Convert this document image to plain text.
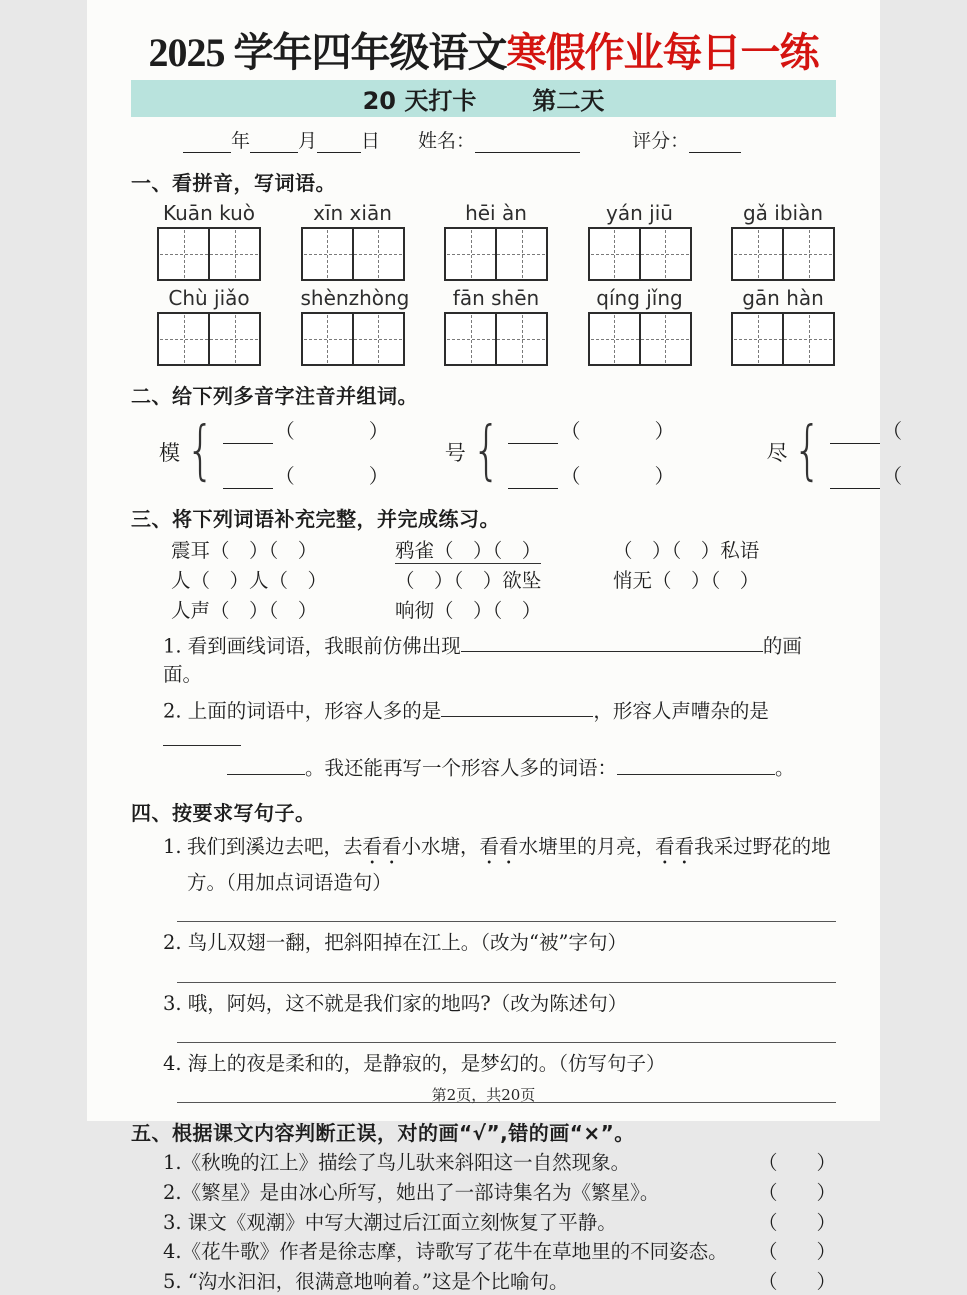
2025 学年四年级语文寒假作业每日一练
20 天打卡 第二天
年	月 日 姓名：	评分：
一、看拼音，写词语。
Kuān kuò	xīn xiān	hēi àn	yán jiū	gǎ ibiàn
Chù jiǎo	shènzhòng	fān shēn	qíng jǐng	gān hàn
二、给下列多音字注音并组词。
模 {	（	）
（	）
号 {	（	）
（	）
尽 {	（
（
三、将下列词语补充完整，并完成练习。
震耳（　）（　）	鸦雀（　）（　）	（　）（　）私语
人（　）人（　）	（　）（　）欲坠	悄无（　）（　）
人声（　）（　）	响彻（　）（　）
1. 看到画线词语，我眼前仿佛出现	的画面。
2. 上面的词语中，形容人多的是	，形容人声嘈杂的是
。我还能再写一个形容人多的词语：	。
四、按要求写句子。
1. 我们到溪边去吧，去看看小水塘，看看水塘里的月亮，看看我采过野花的地方。（用加点词语造句）
2. 鸟儿双翅一翻，把斜阳掉在江上。（改为“被”字句）
3. 哦，阿妈，这不就是我们家的地吗?（改为陈述句）
4. 海上的夜是柔和的，是静寂的，是梦幻的。（仿写句子）
五、根据课文内容判断正误，对的画“√”,错的画“×”。
1.《秋晚的江上》描绘了鸟儿驮来斜阳这一自然现象。	（　　）
2.《繁星》是由冰心所写，她出了一部诗集名为《繁星》。	（　　）
3. 课文《观潮》中写大潮过后江面立刻恢复了平静。	（　　）
4.《花牛歌》作者是徐志摩，诗歌写了花牛在草地里的不同姿态。 （　　）
5. “沟水汩汩，很满意地响着。”这是个比喻句。	（　　）
第2页，共20页
